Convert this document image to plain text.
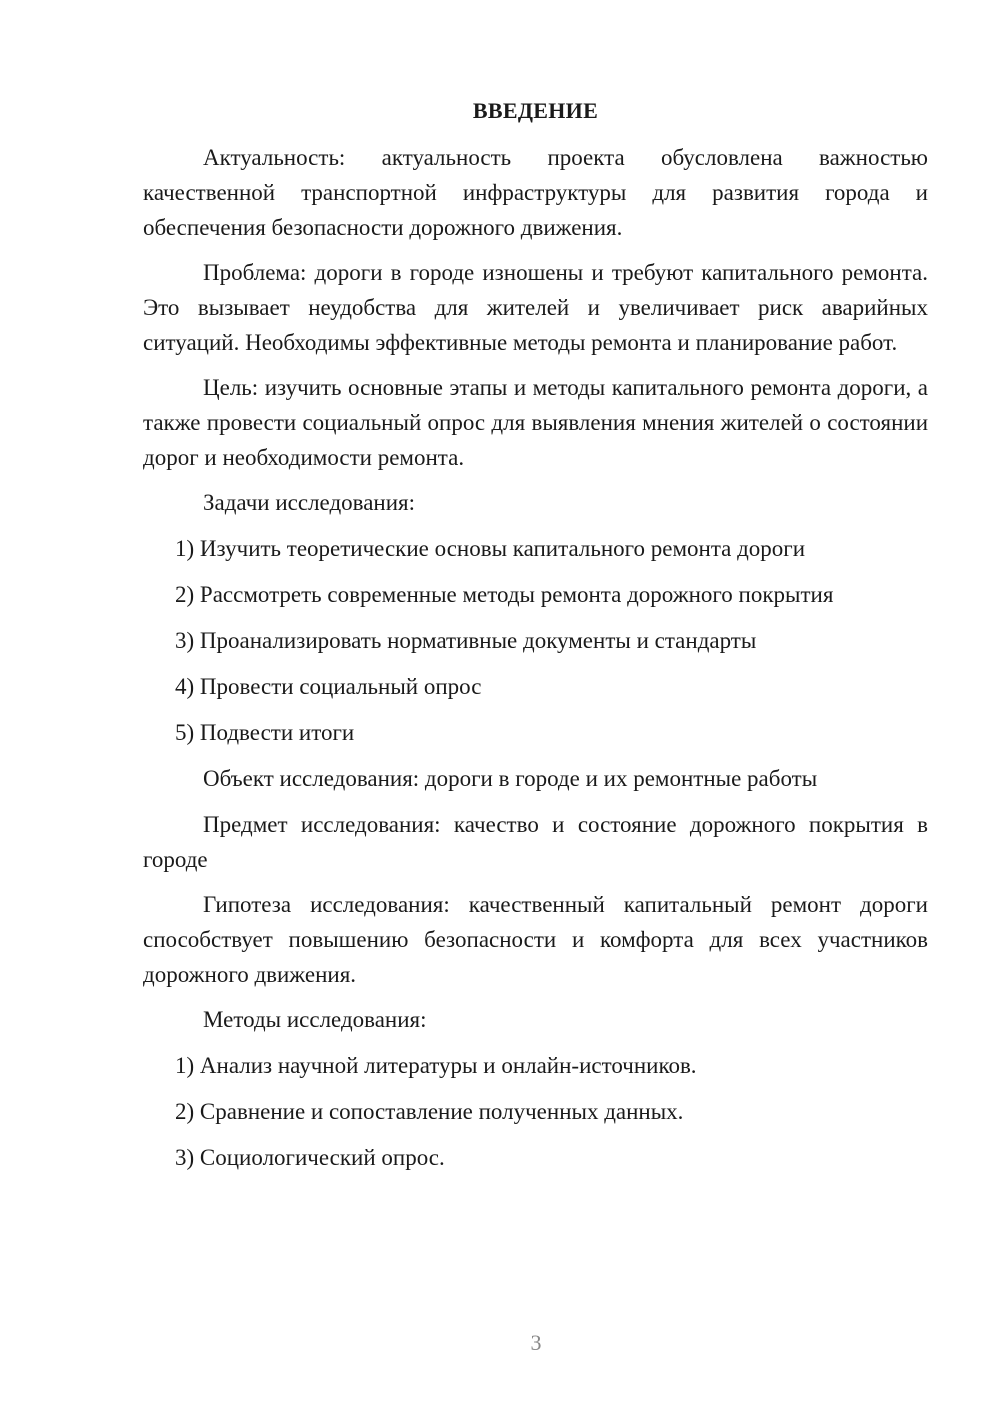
ВВЕДЕНИЕ

Актуальность: актуальность проекта обусловлена важностью качественной транспортной инфраструктуры для развития города и обеспечения безопасности дорожного движения.

Проблема: дороги в городе изношены и требуют капитального ремонта. Это вызывает неудобства для жителей и увеличивает риск аварийных ситуаций. Необходимы эффективные методы ремонта и планирование работ.

Цель: изучить основные этапы и методы капитального ремонта дороги, а также провести социальный опрос для выявления мнения жителей о состоянии дорог и необходимости ремонта.

Задачи исследования:

1) Изучить теоретические основы капитального ремонта дороги
2) Рассмотреть современные методы ремонта дорожного покрытия
3) Проанализировать нормативные документы и стандарты
4) Провести социальный опрос
5) Подвести итоги

Объект исследования: дороги в городе и их ремонтные работы

Предмет исследования: качество и состояние дорожного покрытия в городе

Гипотеза исследования: качественный капитальный ремонт дороги способствует повышению безопасности и комфорта для всех участников дорожного движения.

Методы исследования:

1) Анализ научной литературы и онлайн-источников.
2) Сравнение и сопоставление полученных данных.
3) Социологический опрос.
3
